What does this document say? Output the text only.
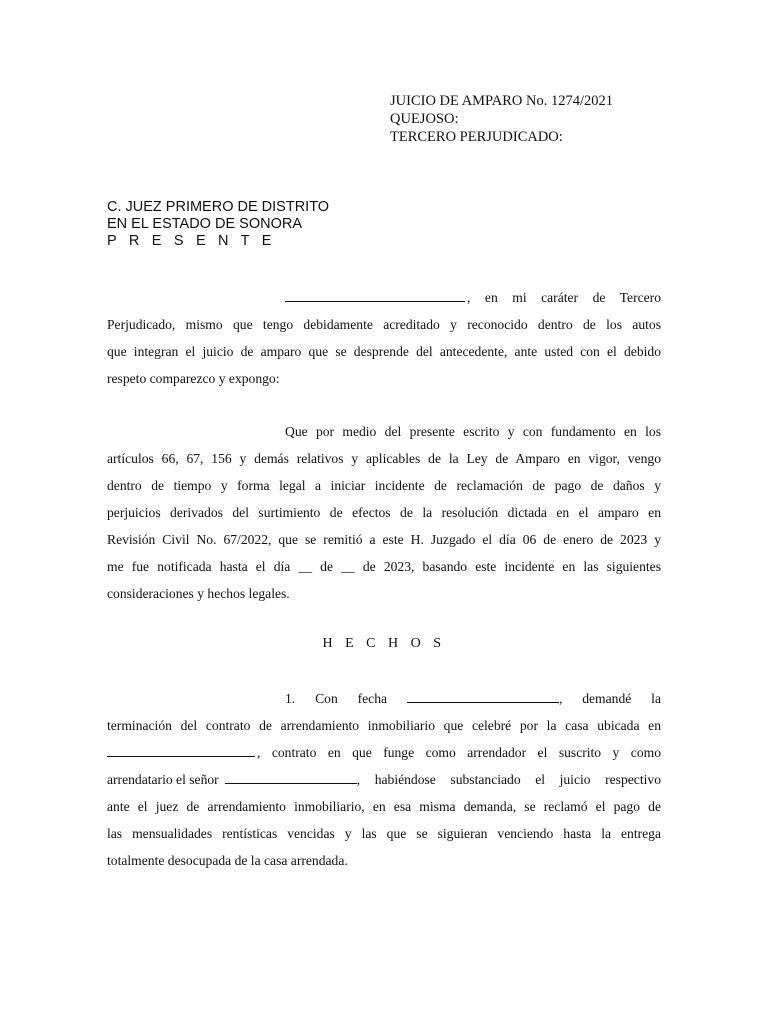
JUICIO DE AMPARO No. 1274/2021
QUEJOSO:
TERCERO PERJUDICADO:
C. JUEZ PRIMERO DE DISTRITO
EN EL ESTADO DE SONORA
P R E S E N T E
, en mi caráter de Tercero
Perjudicado, mismo que tengo debidamente acreditado y reconocido dentro de los autos
que integran el juicio de amparo que se desprende del antecedente, ante usted con el debido
respeto comparezco y expongo:
Que por medio del presente escrito y con fundamento en los
artículos 66, 67, 156 y demás relativos y aplicables de la Ley de Amparo en vigor, vengo
dentro de tiempo y forma legal a iniciar incidente de reclamación de pago de daños y
perjuicios derivados del surtimiento de efectos de la resolución dictada en el amparo en
Revisión Civil No. 67/2022, que se remitió a este H. Juzgado el día 06 de enero de 2023 y
me fue notificada hasta el día __ de __ de 2023, basando este incidente en las siguientes
consideraciones y hechos legales.
H E C H O S
1. Con fecha	, demandé la
terminación del contrato de arrendamiento inmobiliario que celebré por la casa ubicada en
, contrato en que funge como arrendador el suscrito y como
arrendatario el señor	, habiéndose substanciado el juicio respectivo
ante el juez de arrendamiento inmobiliario, en esa misma demanda, se reclamó el pago de
las mensualidades rentísticas vencidas y las que se siguieran venciendo hasta la entrega
totalmente desocupada de la casa arrendada.
